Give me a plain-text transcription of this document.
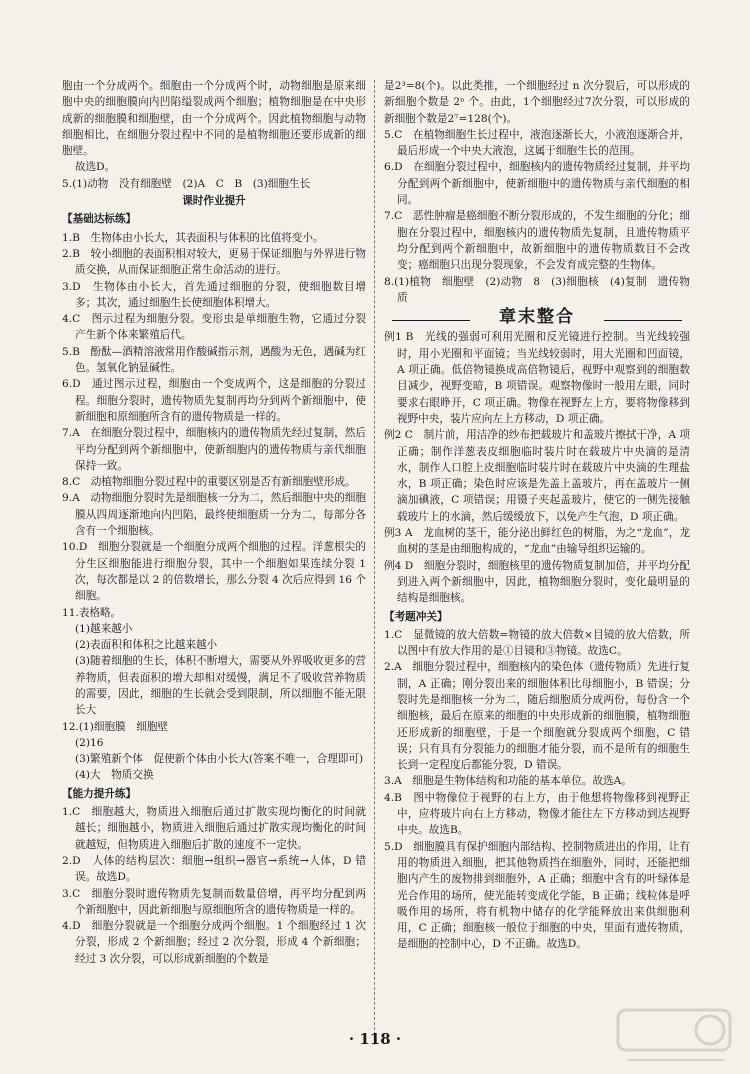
胞由一个分成两个。细胞由一个分成两个时，动物细胞是原来细胞中央的细胞膜向内凹陷缢裂成两个细胞；植物细胞是在中央形成新的细胞膜和细胞壁，由一个分成两个。因此植物细胞与动物细胞相比，在细胞分裂过程中不同的是植物细胞还要形成新的细胞壁。
故选D。
5.(1)动物　没有细胞壁　(2)A　C　B　(3)细胞生长
课时作业提升
【基础达标练】
1.B　生物体由小长大，其表面积与体积的比值将变小。
2.B　较小细胞的表面积相对较大，更易于保证细胞与外界进行物质交换，从而保证细胞正常生命活动的进行。
3.D　生物体由小长大，首先通过细胞的分裂，使细胞数目增多；其次，通过细胞生长使细胞体积增大。
4.C　图示过程为细胞分裂。变形虫是单细胞生物，它通过分裂产生新个体来繁殖后代。
5.B　酚酞—酒精溶液常用作酸碱指示剂，遇酸为无色，遇碱为红色。氢氧化钠显碱性。
6.D　通过图示过程，细胞由一个变成两个，这是细胞的分裂过程。细胞分裂时，遗传物质先复制再均分到两个新细胞中，使新细胞和原细胞所含有的遗传物质是一样的。
7.A　在细胞分裂过程中，细胞核内的遗传物质先经过复制，然后平均分配到两个新细胞中，使新细胞内的遗传物质与亲代细胞保持一致。
8.C　动植物细胞分裂过程中的重要区别是否有新细胞壁形成。
9.A　动物细胞分裂时先是细胞核一分为二，然后细胞中央的细胞膜从四周逐渐地向内凹陷，最终使细胞质一分为二，每部分各含有一个细胞核。
10.D　细胞分裂就是一个细胞分成两个细胞的过程。洋葱根尖的分生区细胞能进行细胞分裂，其中一个细胞如果连续分裂 1 次，每次都是以 2 的倍数增长，那么分裂 4 次后应得到 16 个细胞。
11.表格略。
(1)越来越小
(2)表面积和体积之比越来越小
(3)随着细胞的生长，体积不断增大，需要从外界吸收更多的营养物质，但表面积的增大却相对缓慢，满足不了吸收营养物质的需要，因此，细胞的生长就会受到限制，所以细胞不能无限长大
12.(1)细胞膜　细胞壁
(2)16
(3)繁殖新个体　促使新个体由小长大(答案不唯一，合理即可)
(4)大　物质交换
【能力提升练】
1.C　细胞越大，物质进入细胞后通过扩散实现均衡化的时间就越长；细胞越小，物质进入细胞后通过扩散实现均衡化的时间就越短，但物质进入细胞后扩散的速度不一定快。
2.D　人体的结构层次：细胞→组织→器官→系统→人体，D 错误。故选D。
3.C　细胞分裂时遗传物质先复制而数量倍增，再平均分配到两个新细胞中，因此新细胞与原细胞所含的遗传物质是一样的。
4.D　细胞分裂就是一个细胞分成两个细胞。1 个细胞经过 1 次分裂，形成 2 个新细胞；经过 2 次分裂，形成 4 个新细胞；经过 3 次分裂，可以形成新细胞的个数是
是2³=8(个)。以此类推，一个细胞经过 n 次分裂后，可以形成的新细胞个数是 2ⁿ 个。由此，1个细胞经过7次分裂，可以形成的新细胞个数是2⁷=128(个)。
5.C　在植物细胞生长过程中，液泡逐渐长大，小液泡逐渐合并，最后形成一个中央大液泡，这属于细胞生长的范围。
6.D　在细胞分裂过程中，细胞核内的遗传物质经过复制，并平均分配到两个新细胞中，使新细胞中的遗传物质与亲代细胞的相同。
7.C　恶性肿瘤是癌细胞不断分裂形成的，不发生细胞的分化；细胞在分裂过程中，细胞核内的遗传物质先复制，且遗传物质平均分配到两个新细胞中，故新细胞中的遗传物质数目不会改变；癌细胞只出现分裂现象，不会发育成完整的生物体。
8.(1)植物　细胞壁　(2)动物　8　(3)细胞核　(4)复制　遗传物质
章末整合
例1 B　光线的强弱可利用光圈和反光镜进行控制。当光线较强时，用小光圈和平面镜；当光线较弱时，用大光圈和凹面镜，A 项正确。低倍物镜换成高倍物镜后，视野中观察到的细胞数目减少，视野变暗，B 项错误。观察物像时一般用左眼，同时要求右眼睁开，C 项正确。物像在视野左上方，要将物像移到视野中央，装片应向左上方移动，D 项正确。
例2 C　制片前，用洁净的纱布把载玻片和盖玻片擦拭干净，A 项正确；制作洋葱表皮细胞临时装片时在载玻片中央滴的是清水，制作人口腔上皮细胞临时装片时在载玻片中央滴的生理盐水，B 项正确；染色时应该是先盖上盖玻片，再在盖玻片一侧滴加碘液，C 项错误；用镊子夹起盖玻片，使它的一侧先接触载玻片上的水滴，然后缓缓放下，以免产生气泡，D 项正确。
例3 A　龙血树的茎干，能分泌出鲜红色的树脂，为之“龙血”，龙血树的茎是由细胞构成的，“龙血”由输导组织运输的。
例4 D　细胞分裂时，细胞核里的遗传物质复制加倍，并平均分配到进入两个新细胞中，因此，植物细胞分裂时，变化最明显的结构是细胞核。
【考题冲关】
1.C　显微镜的放大倍数=物镜的放大倍数×目镜的放大倍数，所以图中有放大作用的是①目镜和③物镜。故选C。
2.A　细胞分裂过程中，细胞核内的染色体（遗传物质）先进行复制，A 正确；刚分裂出来的细胞体积比母细胞小，B 错误；分裂时先是细胞核一分为二，随后细胞质分成两份，每份含一个细胞核，最后在原来的细胞的中央形成新的细胞膜，植物细胞还形成新的细胞壁，于是一个细胞就分裂成两个细胞，C 错误；只有具有分裂能力的细胞才能分裂，而不是所有的细胞生长到一定程度后都能分裂，D 错误。
3.A　细胞是生物体结构和功能的基本单位。故选A。
4.B　图中物像位于视野的右上方，由于他想将物像移到视野正中，应将玻片向右上方移动，物像才能往左下方移动到达视野中央。故选B。
5.D　细胞膜具有保护细胞内部结构、控制物质进出的作用，让有用的物质进入细胞，把其他物质挡在细胞外，同时，还能把细胞内产生的废物排到细胞外，A 正确；细胞中含有的叶绿体是光合作用的场所，使光能转变成化学能，B 正确；线粒体是呼吸作用的场所，将有机物中储存的化学能释放出来供细胞利用，C 正确；细胞核一般位于细胞的中央，里面有遗传物质，是细胞的控制中心，D 不正确。故选D。
· 118 ·
